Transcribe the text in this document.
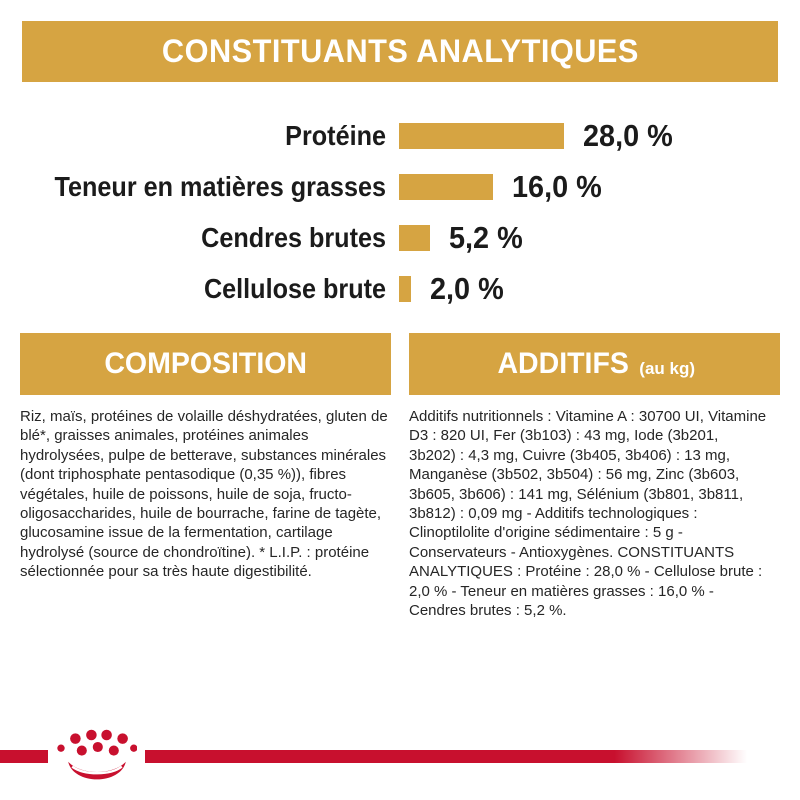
CONSTITUANTS ANALYTIQUES
Protéine	28,0 %
Teneur en matières grasses	16,0 %
Cendres brutes 5,2 %
Cellulose brute 2,0 %
COMPOSITION	ADDITIFS (au kg)
Riz, maïs, protéines de volaille déshydratées, gluten de blé*, graisses animales, protéines animales hydrolysées, pulpe de betterave, substances minérales (dont triphosphate pentasodique (0,35 %)), fibres végétales, huile de poissons, huile de soja, fructo-oligosaccharides, huile de bourrache, farine de tagète, glucosamine issue de la fermentation, cartilage hydrolysé (source de chondroïtine). * L.I.P. : protéine sélectionnée pour sa très haute digestibilité.
Additifs nutritionnels : Vitamine A : 30700 UI, Vitamine D3 : 820 UI, Fer (3b103) : 43 mg, Iode (3b201, 3b202) : 4,3 mg, Cuivre (3b405, 3b406) : 13 mg, Manganèse (3b502, 3b504) : 56 mg, Zinc (3b603, 3b605, 3b606) : 141 mg, Sélénium (3b801, 3b811, 3b812) : 0,09 mg - Additifs technologiques : Clinoptilolite d'origine sédimentaire : 5 g - Conservateurs - Antioxygènes. CONSTITUANTS ANALYTIQUES : Protéine : 28,0 % - Cellulose brute : 2,0 % - Teneur en matières grasses : 16,0 % - Cendres brutes : 5,2 %.
